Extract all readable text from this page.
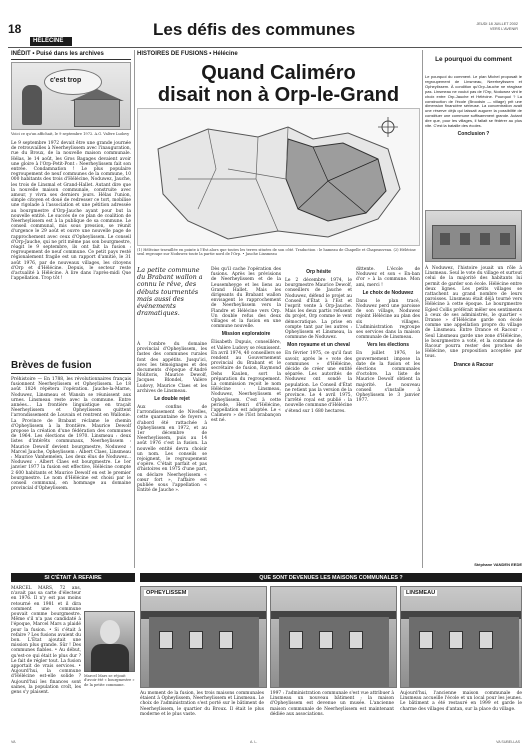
18
HÉLÉCINE
Les défis des communes	JEUDI 18 JUILLET 2002
VERS L'AVENIR
INÉDIT • Puisé dans les archives
c'est trop
Voici ce qu'un affichait, le 9 septembre 1972. A.G. Valère Ludovy
Le 9 septembre 1972 devait être une grande journée de retrouvailles à Neerheylissem avec l'inauguration, rue du Broux, de la nouvelle maison communale. Hélas, le 14 août, les Gros Bagages devaient avoir une gloire à l'Orp-Petit-Pont : Neerheylissem fait son entrée. Condamnation ! Le plus populaire regroupement de neuf communes de la commune, 10 000 habitants des trois d'Hélécine, Noduwez, Jauche, les trois de Linsmal et Grand-Hallet. Autant dire que la nouvelle maison communale, construite avec amour, y vivra ses derniers jours. Hélas l'union, simple citoyen et doué de redresser ce tort, mobilise une rigolade à l'association et une pétition adressée au bourgmestre d'Orp-Jauche ayant pour but la nouvelle entité. Le succès de ce plan de coalition de Neerheylissem est à la publique de sa commune. Le conseil communal, mis sous pression, se réunit d'urgence le 29 août et ouvre une nouvelle page de rapprochement avec ceux d'Opheylissem. Le conseil d'Orp-Jauche, qui ne prit même pas son bourgmestre, réagit le 9 septembre, ils ont fait la fusion : regroupement de neuf commune. Ce petit pays resté régionalement fragile est un rapport d'amitié, le 31 août 1976, par de nouveaux villages, les citoyens d'Orp et d'Hélécine. Depuis, le secteur reste d'actualité à Hélécine. À lire dans l'après-midi Que l'appellation. Trop tôt !
Brèves de fusion
Préhistoire — En 1788, les révolutionnaires français fusionnent Neerheylissem et Opheylissem. Le 18 août 1824 répétera l'opération. Jauche-la-Marne, Noduwez, Linsmeau et Wansin se réunissent aux urnes. Linsmeau reste avec la commune. Entre années... La frontière linguistique en traçait Neerheylissem et Opheylissem quittent l'arrondissement de Louvain et rentrent en Wallonie. La Province de Brabant réclame le chemin d'Opheylissem à la frontière. Maurice Dewolf propose la création d'une fédération des communes de 1964. Les élections de 1970. Linsmeau : deux listes d'intérêts communaux, Neerheylissem : Maurice Dewolf devient bourgmestre, Noduwez : Marcel Jauche, Opheylissem : Albert Claes, Linsmeau : Maurice Vanhemelen, Les deux élus de Noduwez... Noduwez : Albert Claes est bourgmestre. Le 1er janvier 1977 la fusion est effective, Hélécine compte 2 600 habitants et Maurice Dewolf en est le premier bourgmestre. Le nom d'Hélécine est choisi par le conseil communal, en hommage au domaine provincial d'Opheylissem.
HISTOIRES DE FUSIONS • Hélécine
Quand Caliméro
disait non à Orp-le-Grand
(1) Hélécine travaillée en pointe à l'Est alors que toutes les terres situées de son côté. Traduction : le hameau de Chapelle et Chapeauveau. (2) Hélécine seul regroupe sur Noduwez toute la partie nord de l'Orp. • Jauche Linsmeau
La petite commune du Brabant wallon a connu le rêve, des débuts tourmentés mais aussi des événements dramatiques.
À l'ombre du domaine provincial d'Opheylissem, les fastes des communes rurales font des appétits. Jusqu'ici, avec les témoignages et des documents d'époque d'André Molitoris, Maurice Dewolf, Jacques Blondel, Valère Ludovy, Maurice Claes et les archives de Linsmeau.
Le double rejet
Aux confins de l'arrondissement de Nivelles, cette quarantaine de foyers a d'abord été rattachée à Opheylissem en 1972, et au 1er décembre de Neerheylissem, puis au 14 août 1976 c'est la fusion. La nouvelle entité devra choisir un nom. Les conseils se rejoignent, le regroupement s'opère. C'était parfait et pas d'histoires en 1975 d'une part, on déclare Neerheylissem « cœur fort », l'affaire est publiée sous l'appellation « Entité de Jauche ».
Dès qu'il cache l'opération des fusions. Après les prévisions de Neerheylissem et de la Leusemheyge et les liens au Grand Hallet. Mais les dirigeants du Brabant wallon envisagent le rapprochement de Neerheylissem vers la Flandre et Hélécine vers Orp. Un double refus des deux villages et la fusion en une commune nouvelle.
Mission exploratoire
Élisabeth Dupuis, conseillère, et Valère Ludovy se réunissent. En avril 1974, 40 conseillers se rendent au Gouvernement provincial du Brabant et le secrétaire de fusion, Raymond Dehs Kaulen, sort la préparation du regroupement. La commission reçoit le nom Hélécine : Linsmeau, Noduwez, Neerheylissem et Opheylissem. C'est à cette période, Henri d'Hélécine, l'appellation est adoptée. Le « Calimero » de l'Est brabançon est né.
Orp hésite
Le 2 décembre 1974, le bourgmestre Maurice Dewolf, conseillers de Jauche et Noduwez, défend le projet au Conseil d'État à l'Est et l'esprit vente à Orp-Jauche. Mais les deux partis refusent du projet, Orp comme le vent démocratique. La prise en compte tant par les autres : Opheylissem et Linsmeau, la commune de Noduwez.
Mon royaume et un cheval
En février 1975, ce qu'il faut savoir, après le « vote des communes » d'Hélécine, décide de créer une entité séparée. Les autorités de Noduwez ont sondé la population. Le Conseil d'État ne retient pas la version de la province. Le 4 avril 1975, l'arrêté royal est publié : la nouvelle commune d'Hélécine s'étend sur 1 680 hectares.
dittente. L'école de Noduwez et son « En-ban d'or » à la commune. Mon ami, merci !
Le choix de Noduwez
Dans le plan tracé, Noduwez perd une paroisse de son village, Noduwez rejoint Hélécine au plan des six villages. L'administration regroupe ses services dans la maison communale de Linsmeau.
Vers les élections
En juillet 1976, le gouvernement impose la date de la fusion et les élections communales d'octobre. La liste de Maurice Dewolf obtient la majorité. Le nouveau conseil s'installe à Opheylissem le 3 janvier 1977.
Le pourquoi du comment
Le pourquoi du comment. Le plan Michel proposait le regroupement de Linsmeau, Neerheylissem et Opheylissem. À condition qu'Orp-Jauche ne réagisse pas. Linsmeau ne voulut pas de l'Orp, Noduwez vint le choix entre Orp-Jauche et Hélécine. Pourquoi ? La construction de l'école (Broodsin — village) prit une dimension financière sérieuse. La concentration avait une réserve déjà qui laissait augurer la possibilité de constituer une commune suffisamment grande. Autant dire que, pour les villages, il fallait se fédérer au plus vite. C'est la bataille des écoles.
Conclusion ?
À Noduwez, l'histoire jouait un rôle à Linsmeau. Seul le vote du village et surtout celui de la majorité des habitants lui permit de garder son école. Hélécine entre deux lignes. Les petits villages se rattachent au grand nombre de leurs paroisses. Linsmeau était déjà tourné vers Hélécine à cette époque. Le bourgmestre Egied Collis préférait mêler ses sentiments à ceux de ses administrés, le quartier « Dranse » d'Hélécine garde son école comme une appellation propre du village de Linsmeau. Entre Drance et Racour : Seul Linsmeau garde une zone d'Hélécine, le bourgmestre a voté, et la commune de Racour pourra rester des proches de Hélécine, une proposition acceptée par tous.
Drance à Racour
Stéphane VANDEN EEDE
SI C'ÉTAIT À REFAIRE	QUE SONT DEVENUES LES MAISONS COMMUNALES ?
MARCEL MARS, 72 ans, n'avait pas sa carte d'électeur en 1976. Il n'y est pas moins retourné en 1981 et il dira comment une commune pouvait comme bourgmestre. Même s'il n'a pas candidaté à l'époque, Marcel Mars a plaidé pour la fusion. • Si c'était à refaire ? Les fusions avaient du bon. L'État ajoutait une mission plus grande. Sûr ! Des communes fiables. • Au début, qu'est-ce qui était le plus dur ? Le fait de régler tout. La fusion apportait de vrais services. • Aujourd'hui, la commune d'Hélécine est-elle solide ? Aujourd'hui les finances sont saines, la population croît, les gens s'y plaisent.
Marcel Mars se réjouit d'avoir été « bourgmestre » de la petite commune.
OPHEYLISSEM	LINSMEAU
Au moment de la fusion, les trois maisons communales étaient à Opheylissem, Neerheylissem et Linsmeau. Le choix de l'administration s'est porté sur le bâtiment de Neerheylissem, le quartier du Broux. Il était le plus moderne et le plus vaste.
1997 : l'administration communale s'est vue attribuer à Linsmeau un nouveau bâtiment ; la maison d'Opheylissem est devenue un musée. L'ancienne maison communale de Neerheylissem est maintenant dédiée aux associations.
Aujourd'hui, l'ancienne maison communale de Linsmeau accueille l'école et un local pour les jeunes. Le bâtiment a été restauré en 1999 et garde le charme des villages d'antan, sur la place du village.
VA	A. L.	VA SUBELLAS
